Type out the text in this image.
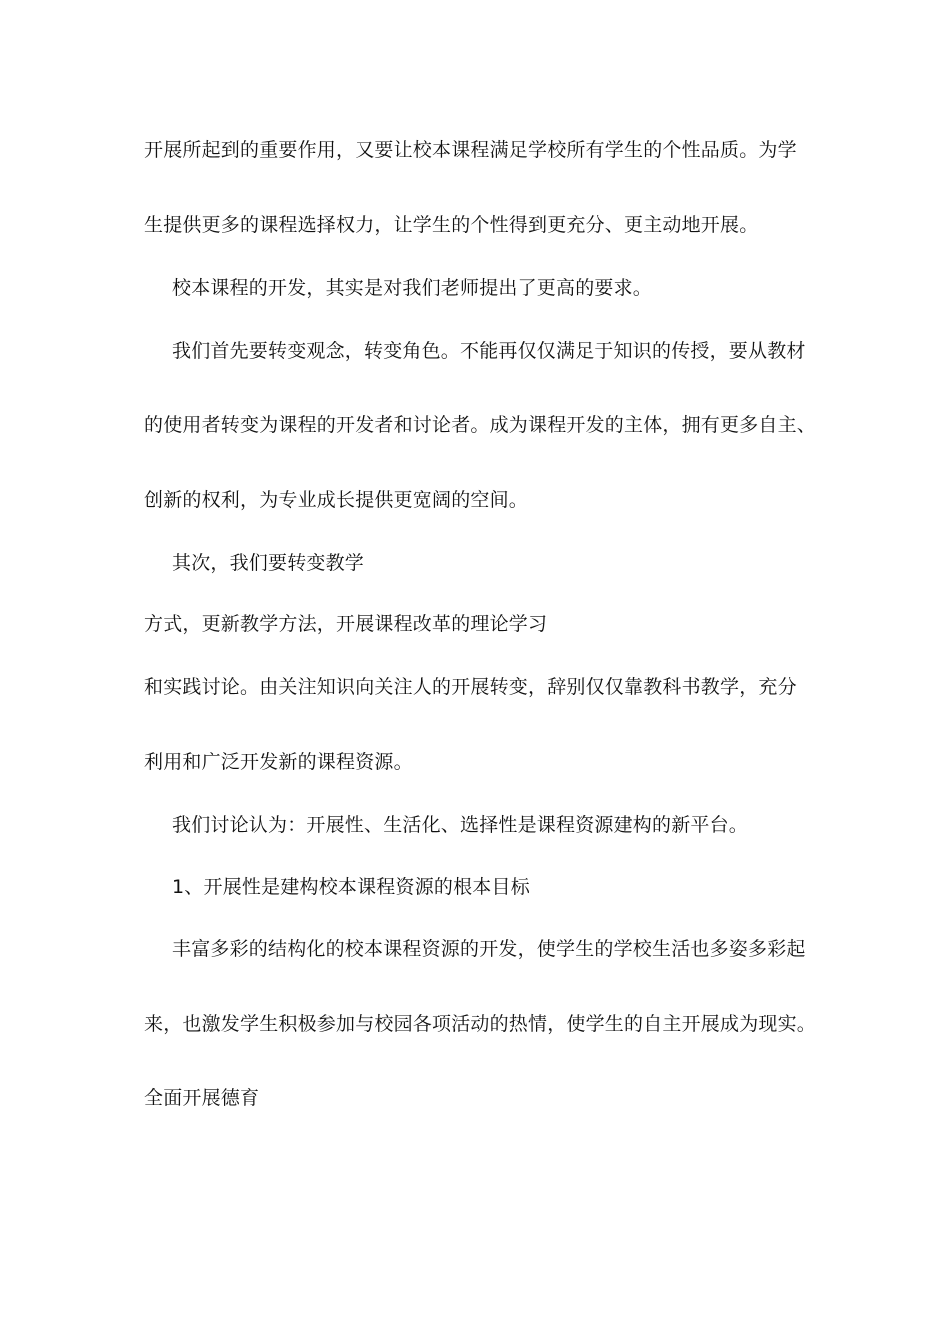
开展所起到的重要作用，又要让校本课程满足学校所有学生的个性品质。为学
生提供更多的课程选择权力，让学生的个性得到更充分、更主动地开展。
校本课程的开发，其实是对我们老师提出了更高的要求。
我们首先要转变观念，转变角色。不能再仅仅满足于知识的传授，要从教材
的使用者转变为课程的开发者和讨论者。成为课程开发的主体，拥有更多自主、
创新的权利，为专业成长提供更宽阔的空间。
其次，我们要转变教学
方式，更新教学方法，开展课程改革的理论学习
和实践讨论。由关注知识向关注人的开展转变，辞别仅仅靠教科书教学，充分
利用和广泛开发新的课程资源。
我们讨论认为：开展性、生活化、选择性是课程资源建构的新平台。
1、开展性是建构校本课程资源的根本目标
丰富多彩的结构化的校本课程资源的开发，使学生的学校生活也多姿多彩起
来，也激发学生积极参加与校园各项活动的热情，使学生的自主开展成为现实。
全面开展德育
